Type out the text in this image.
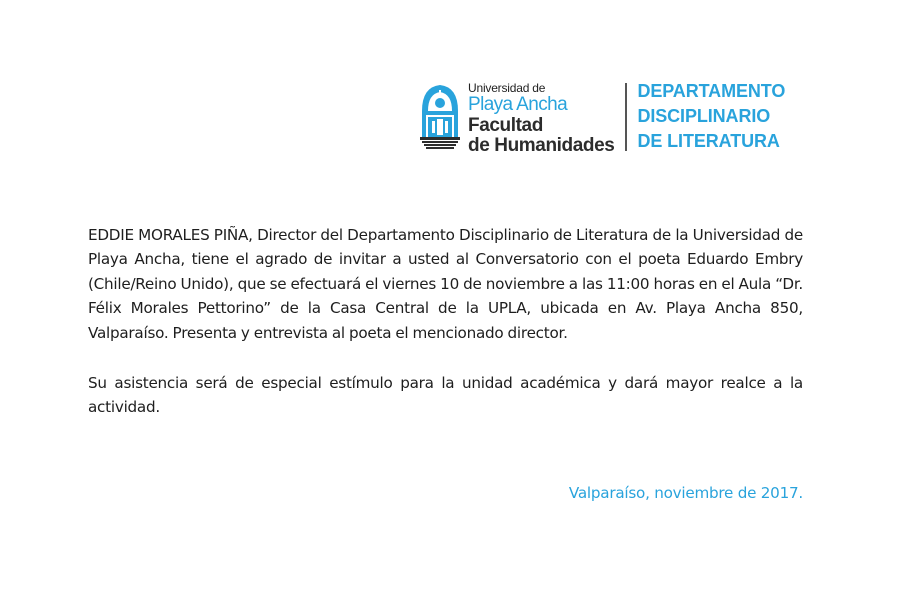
Universidad de
Playa Ancha
Facultad
de Humanidades
DEPARTAMENTO
DISCIPLINARIO
DE LITERATURA

EDDIE MORALES PIÑA, Director del Departamento Disciplinario de Literatura de la Universidad de Playa Ancha, tiene el agrado de invitar a usted al Conversatorio con el poeta Eduardo Embry (Chile/Reino Unido), que se efectuará el viernes 10 de noviembre a las 11:00 horas en el Aula “Dr. Félix Morales Pettorino” de la Casa Central de la UPLA, ubicada en Av. Playa Ancha 850, Valparaíso. Presenta y entrevista al poeta el mencionado director.

Su asistencia será de especial estímulo para la unidad académica y dará mayor realce a la actividad.

Valparaíso, noviembre de 2017.
